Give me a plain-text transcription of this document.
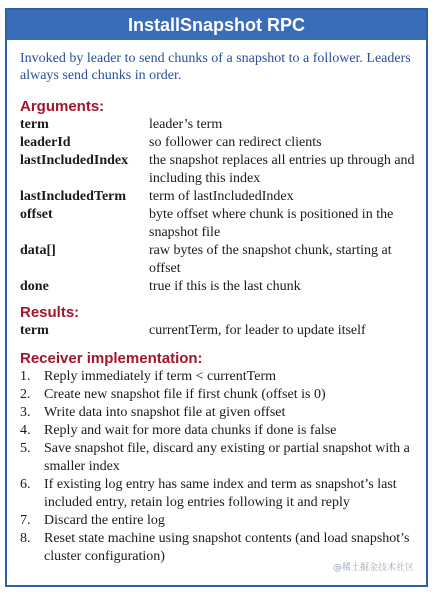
InstallSnapshot RPC
Invoked by leader to send chunks of a snapshot to a follower. Leaders always send chunks in order.
Arguments:
term	leader’s term
leaderId	so follower can redirect clients
lastIncludedIndex	the snapshot replaces all entries up through and including this index
lastIncludedTerm	term of lastIncludedIndex
offset	byte offset where chunk is positioned in the snapshot file
data[]	raw bytes of the snapshot chunk, starting at offset
done	true if this is the last chunk
Results:
term	currentTerm, for leader to update itself
Receiver implementation:
1. Reply immediately if term < currentTerm
2. Create new snapshot file if first chunk (offset is 0)
3. Write data into snapshot file at given offset
4. Reply and wait for more data chunks if done is false
5. Save snapshot file, discard any existing or partial snapshot with a smaller index
6. If existing log entry has same index and term as snapshot’s last included entry, retain log entries following it and reply
7. Discard the entire log
8. Reset state machine using snapshot contents (and load snapshot’s cluster configuration)
@稀土掘金技术社区
